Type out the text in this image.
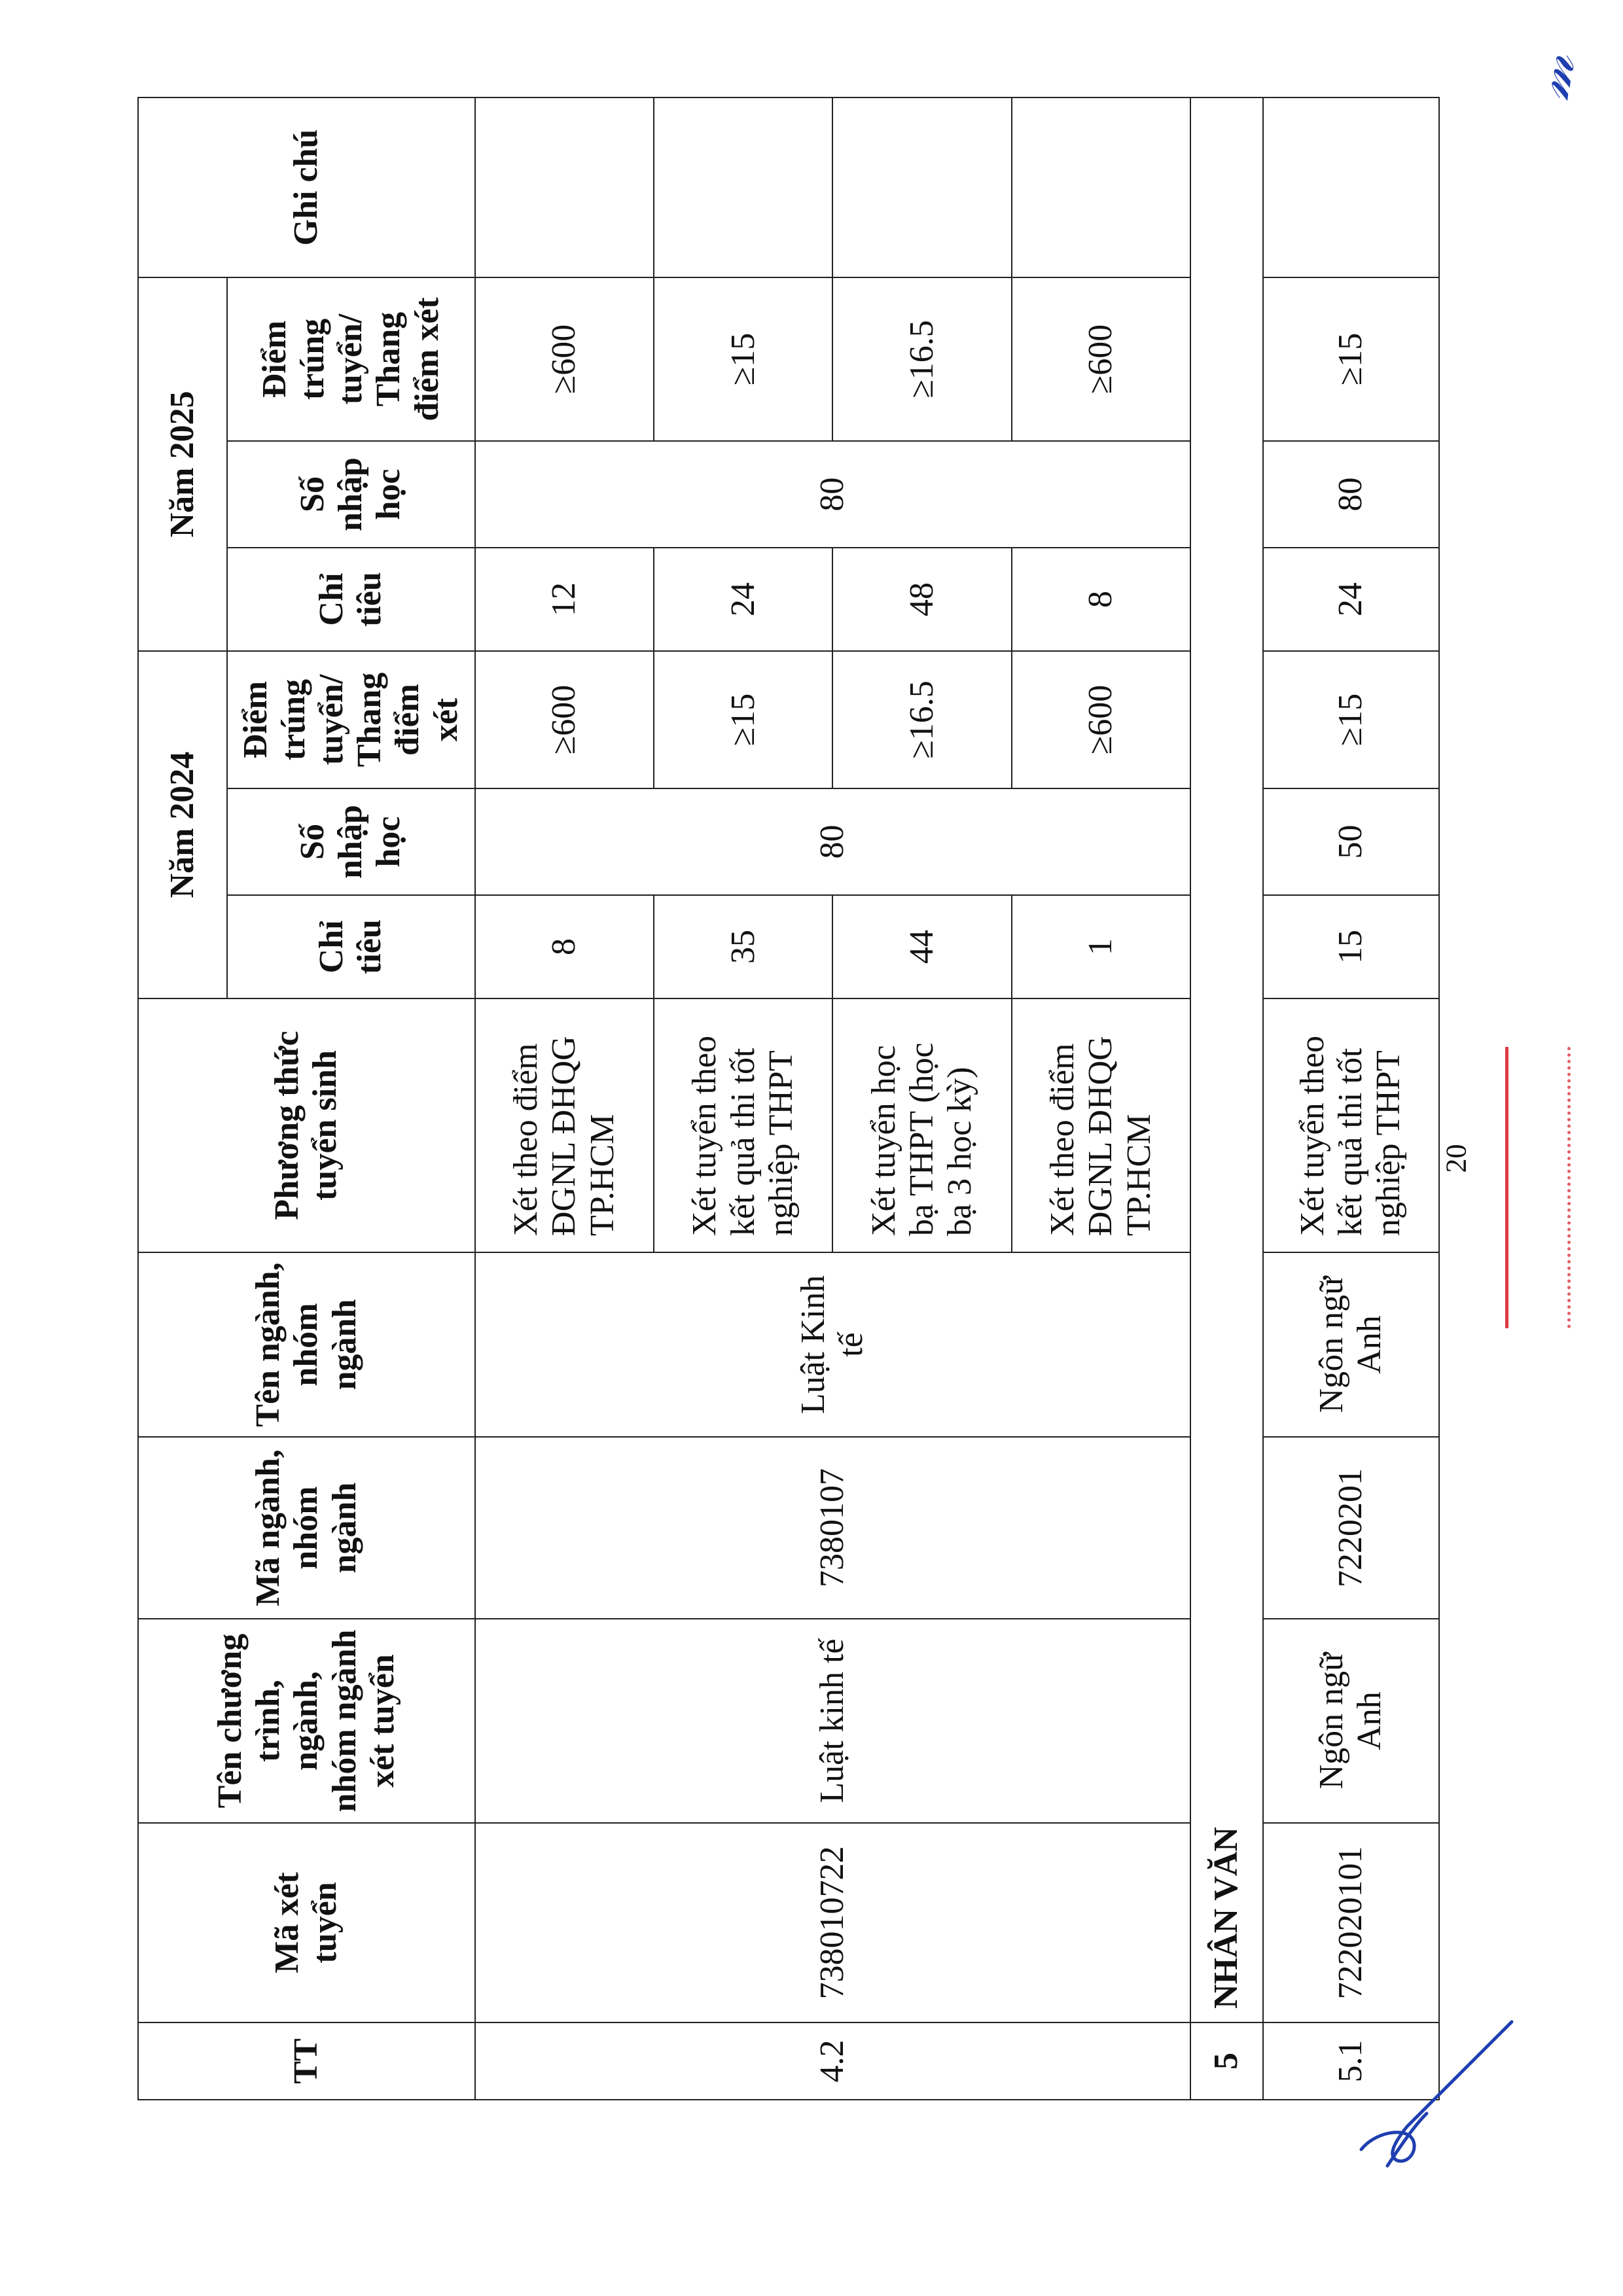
TT	Mã xét tuyển	Tên chương trình, ngành, nhóm ngành xét tuyển	Mã ngành, nhóm ngành	Tên ngành, nhóm ngành	Phương thức tuyển sinh	Năm 2024			Năm 2025			Ghi chú
						Chỉ tiêu	Số nhập học	Điểm trúng tuyển/ Thang điểm xét	Chỉ tiêu	Số nhập học	Điểm trúng tuyển/ Thang điểm xét	
4.2	738010722	Luật kinh tế	7380107	Luật Kinh tế	Xét theo điểm ĐGNL ĐHQG TP.HCM	8	80	≥600	12	80	≥600	
					Xét tuyển theo kết quả thi tốt nghiệp THPT	35		≥15	24		≥15	
					Xét tuyển học bạ THPT (học bạ 3 học kỳ)	44		≥16.5	48		≥16.5	
					Xét theo điểm ĐGNL ĐHQG TP.HCM	1		≥600	8		≥600	
5	NHÂN VĂN											
5.1	722020101	Ngôn ngữ Anh	7220201	Ngôn ngữ Anh	Xét tuyển theo kết quả thi tốt nghiệp THPT	15	50	≥15	24	80	≥15	
20
𝓂
